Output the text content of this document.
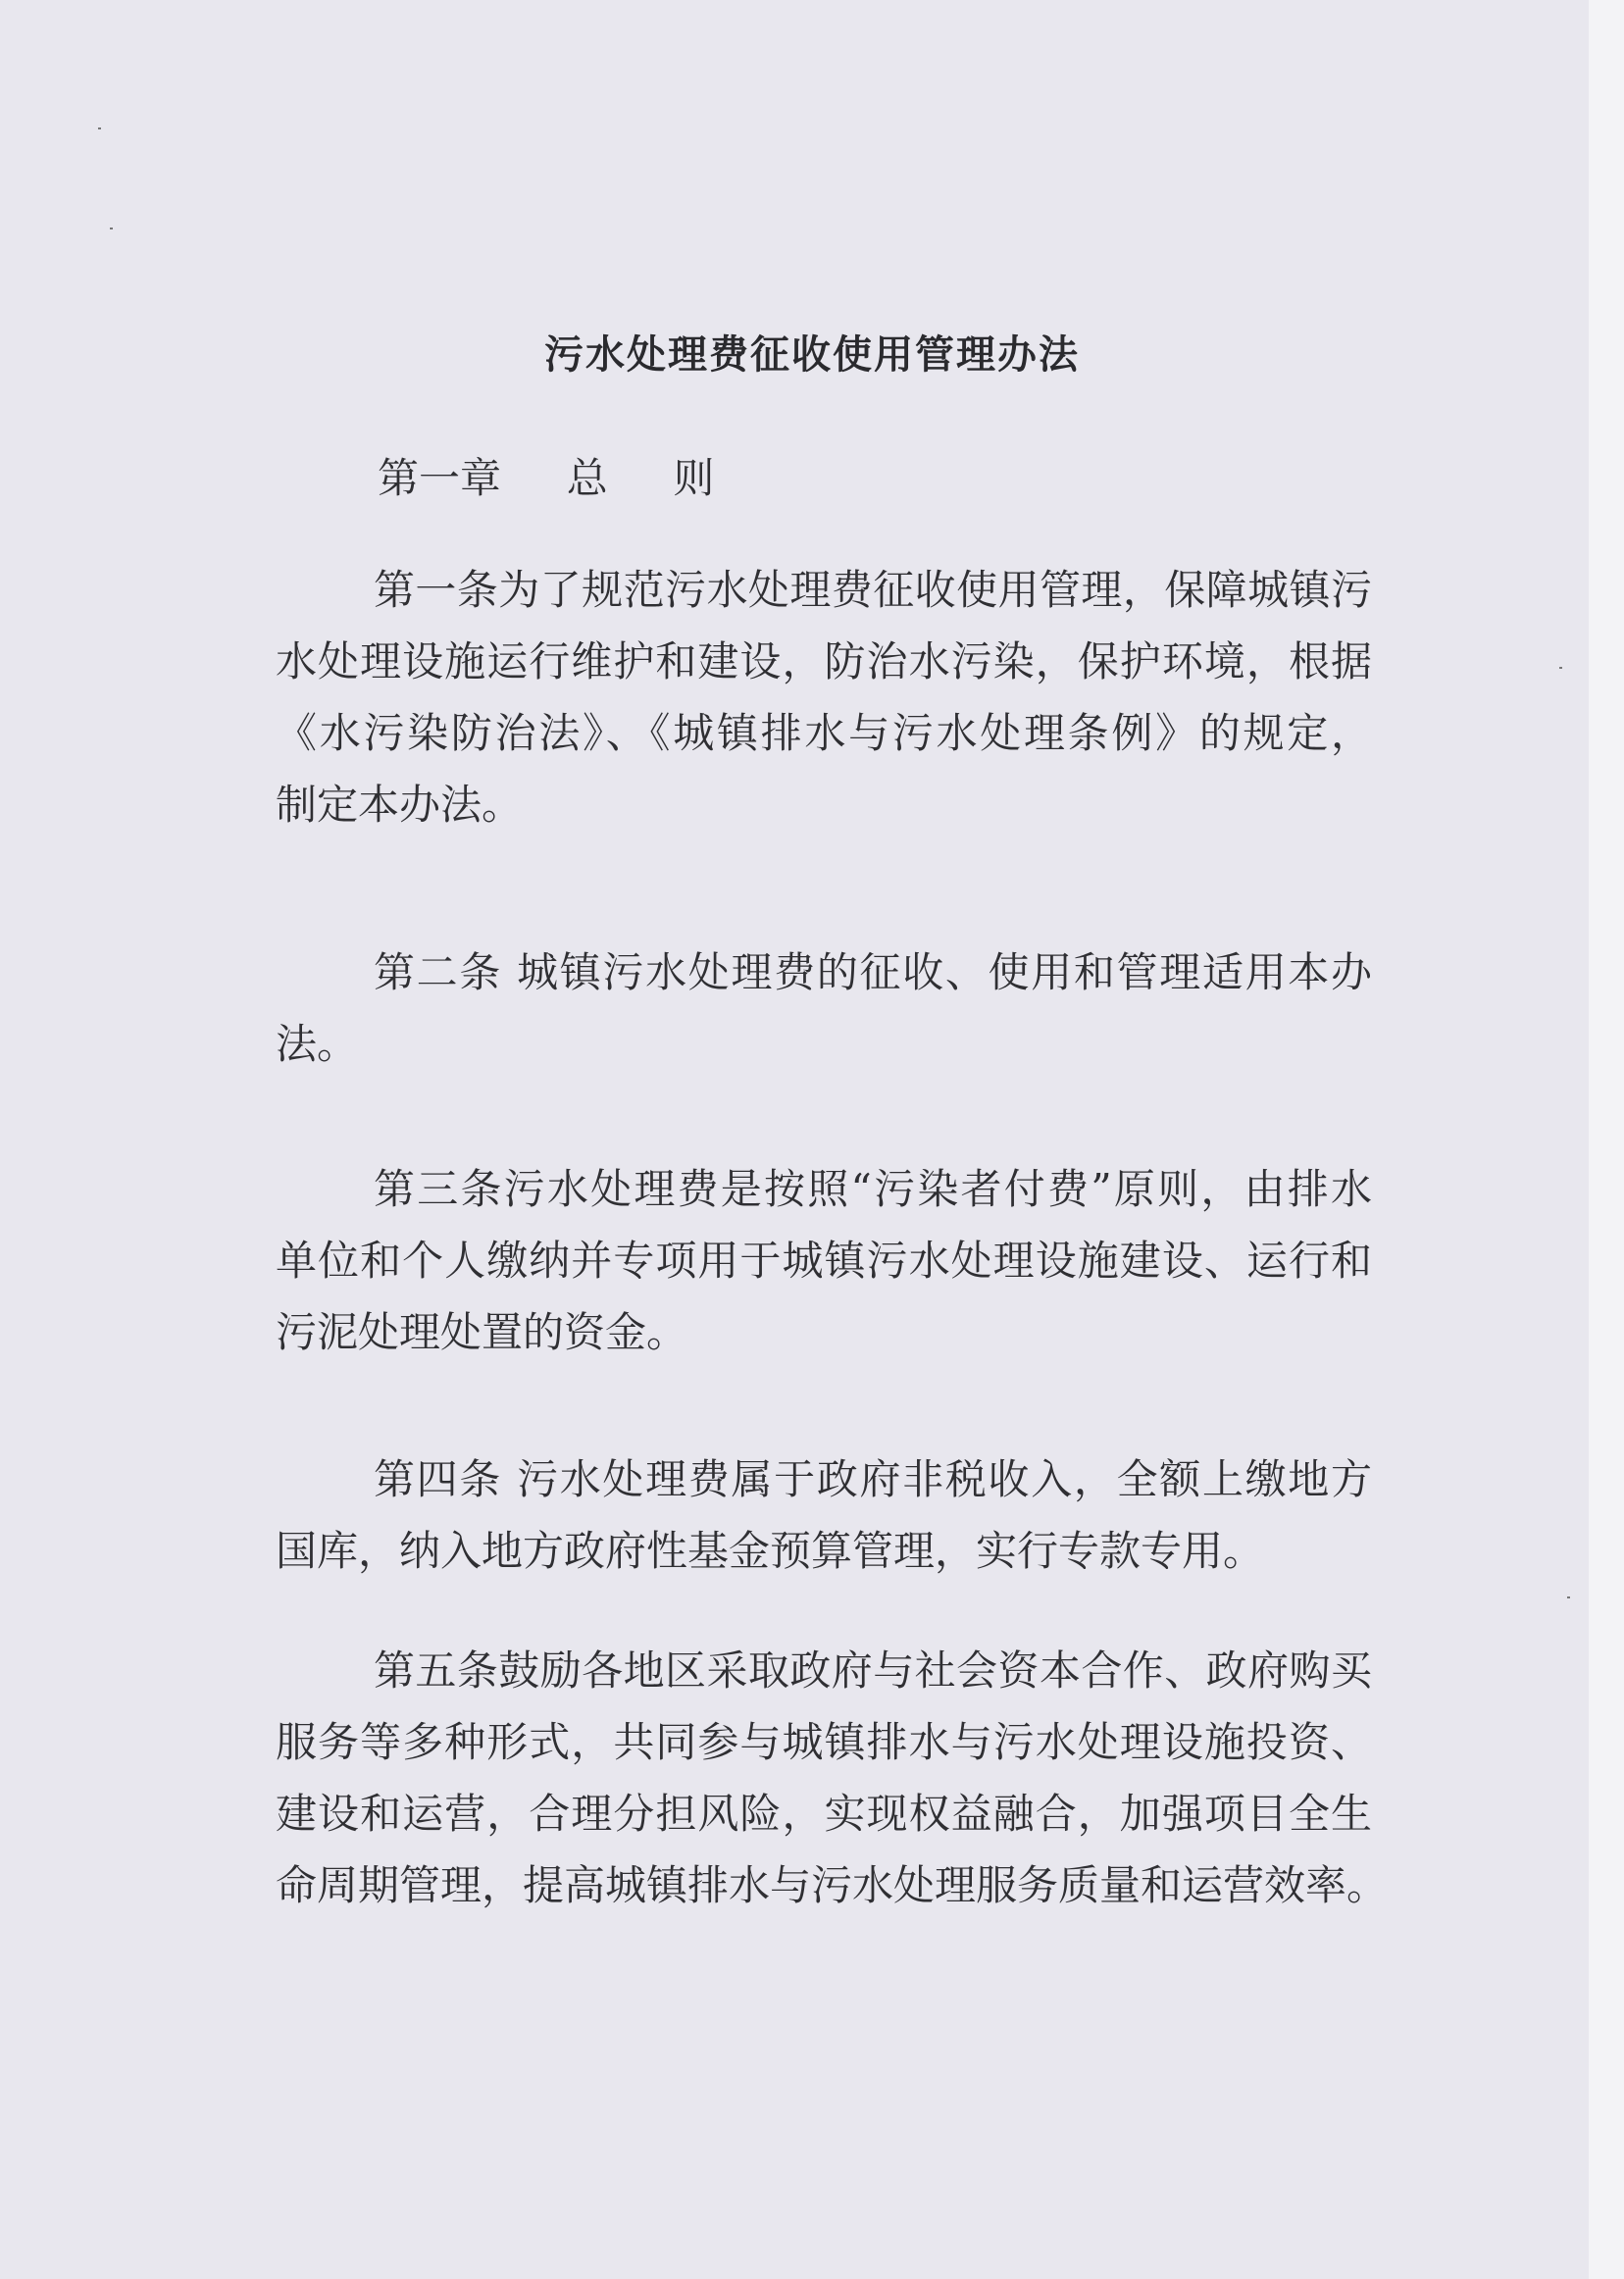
污水处理费征收使用管理办法
第一章  总  则
第一条为了规范污水处理费征收使用管理，保障城镇污
水处理设施运行维护和建设，防治水污染，保护环境，根据
《水污染防治法》、《城镇排水与污水处理条例》的规定，
制定本办法。
第二条 城镇污水处理费的征收、使用和管理适用本办
法。
第三条污水处理费是按照“污染者付费”原则，由排水
单位和个人缴纳并专项用于城镇污水处理设施建设、运行和
污泥处理处置的资金。
第四条 污水处理费属于政府非税收入，全额上缴地方
国库，纳入地方政府性基金预算管理，实行专款专用。
第五条鼓励各地区采取政府与社会资本合作、政府购买
服务等多种形式，共同参与城镇排水与污水处理设施投资、
建设和运营，合理分担风险，实现权益融合，加强项目全生
命周期管理，提高城镇排水与污水处理服务质量和运营效率。
